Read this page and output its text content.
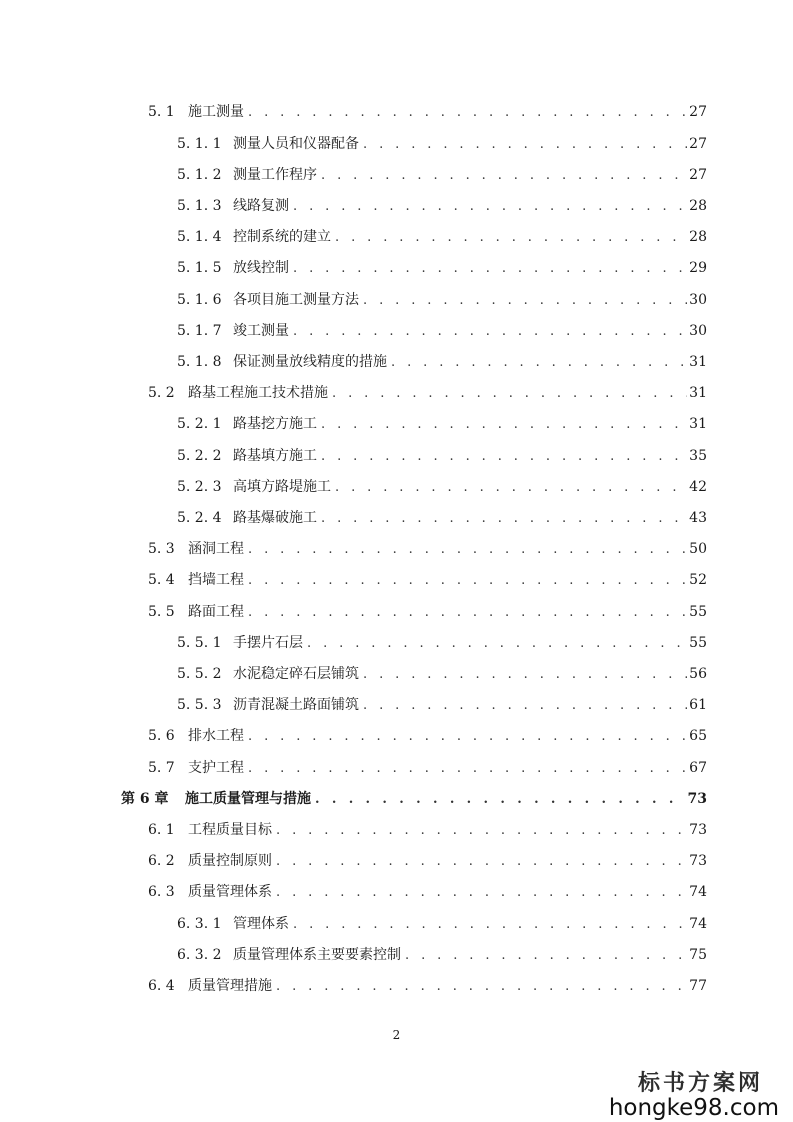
5. 1 施工测量 . . .	27
5. 1. 1 测量人员和仪器配备 . . .	27
5. 1. 2 测量工作程序 . . .	27
5. 1. 3 线路复测 . . .	28
5. 1. 4 控制系统的建立 . . .	28
5. 1. 5 放线控制 . . .	29
5. 1. 6 各项目施工测量方法 . . .	30
5. 1. 7 竣工测量 . . .	30
5. 1. 8 保证测量放线精度的措施 . . .	31
5. 2 路基工程施工技术措施 . . .	31
5. 2. 1 路基挖方施工 . . .	31
5. 2. 2 路基填方施工 . . .	35
5. 2. 3 高填方路堤施工 . . .	42
5. 2. 4 路基爆破施工 . . .	43
5. 3 涵洞工程 . . .	50
5. 4 挡墙工程 . . .	52
5. 5 路面工程 . . .	55
5. 5. 1 手摆片石层 . . .	55
5. 5. 2 水泥稳定碎石层铺筑 . . .	56
5. 5. 3 沥青混凝土路面铺筑 . . .	61
5. 6 排水工程 . . .	65
5. 7 支护工程 . . .	67
第 6 章	施工质量管理与措施 . . .	73
6. 1 工程质量目标 . . .	73
6. 2 质量控制原则 . . .	73
6. 3 质量管理体系 . . .	74
6. 3. 1 管理体系 . . .	74
6. 3. 2 质量管理体系主要要素控制 . . .	75
6. 4 质量管理措施 . . .	77
2
标书方案网
hongke98.com
